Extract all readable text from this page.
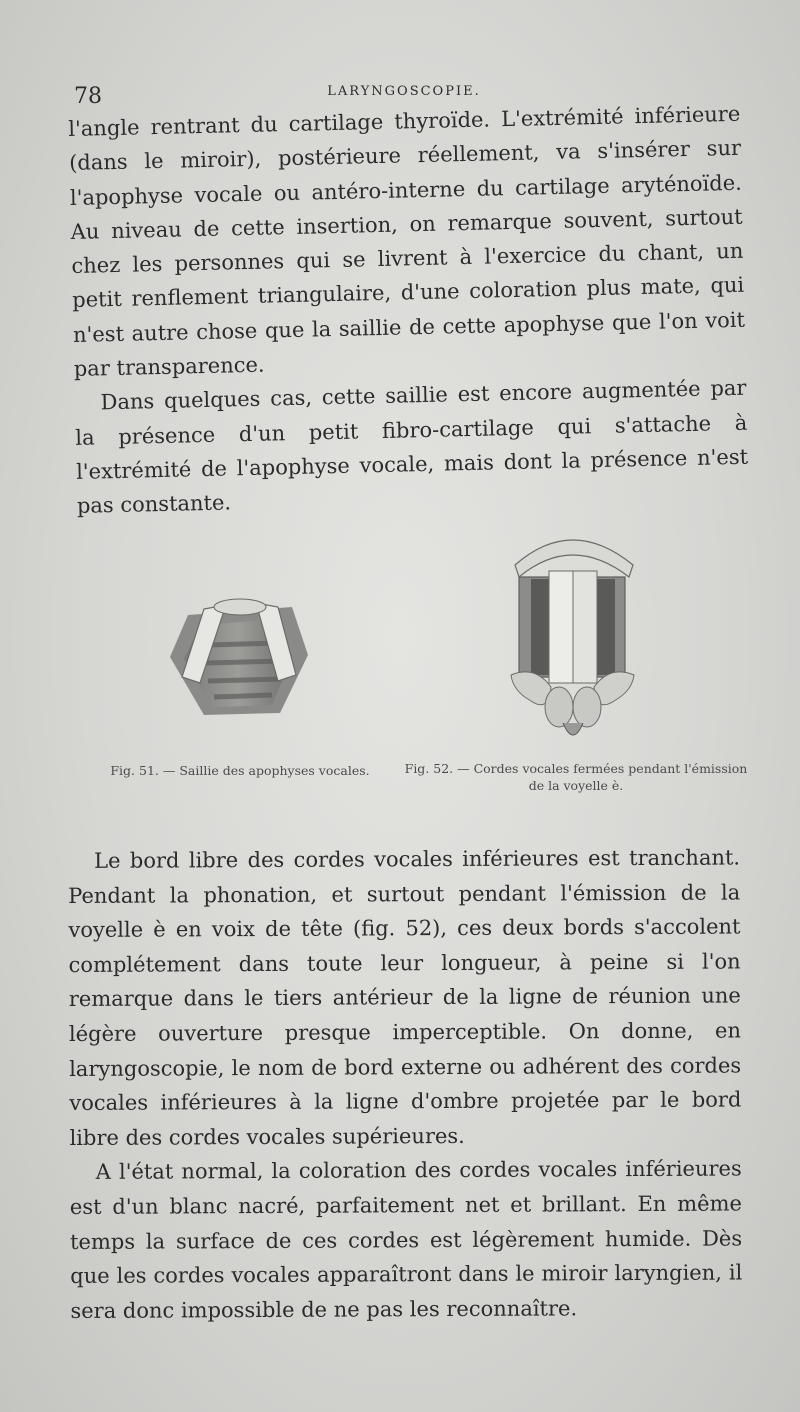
78	LARYNGOSCOPIE.

l'angle rentrant du cartilage thyroïde. L'extrémité inférieure (dans le miroir), postérieure réellement, va s'insérer sur l'apophyse vocale ou antéro-interne du cartilage aryténoïde. Au niveau de cette insertion, on remarque souvent, surtout chez les personnes qui se livrent à l'exercice du chant, un petit renflement triangulaire, d'une coloration plus mate, qui n'est autre chose que la saillie de cette apophyse que l'on voit par transparence.

Dans quelques cas, cette saillie est encore augmentée par la présence d'un petit fibro-cartilage qui s'attache à l'extrémité de l'apophyse vocale, mais dont la présence n'est pas constante.

Fig. 51. — Saillie des apophyses vocales.	Fig. 52. — Cordes vocales fermées pendant l'émission de la voyelle è.

Le bord libre des cordes vocales inférieures est tranchant. Pendant la phonation, et surtout pendant l'émission de la voyelle è en voix de tête (fig. 52), ces deux bords s'accolent complétement dans toute leur longueur, à peine si l'on remarque dans le tiers antérieur de la ligne de réunion une légère ouverture presque imperceptible. On donne, en laryngoscopie, le nom de bord externe ou adhérent des cordes vocales inférieures à la ligne d'ombre projetée par le bord libre des cordes vocales supérieures.

A l'état normal, la coloration des cordes vocales inférieures est d'un blanc nacré, parfaitement net et brillant. En même temps la surface de ces cordes est légèrement humide. Dès que les cordes vocales apparaîtront dans le miroir laryngien, il sera donc impossible de ne pas les reconnaître.
